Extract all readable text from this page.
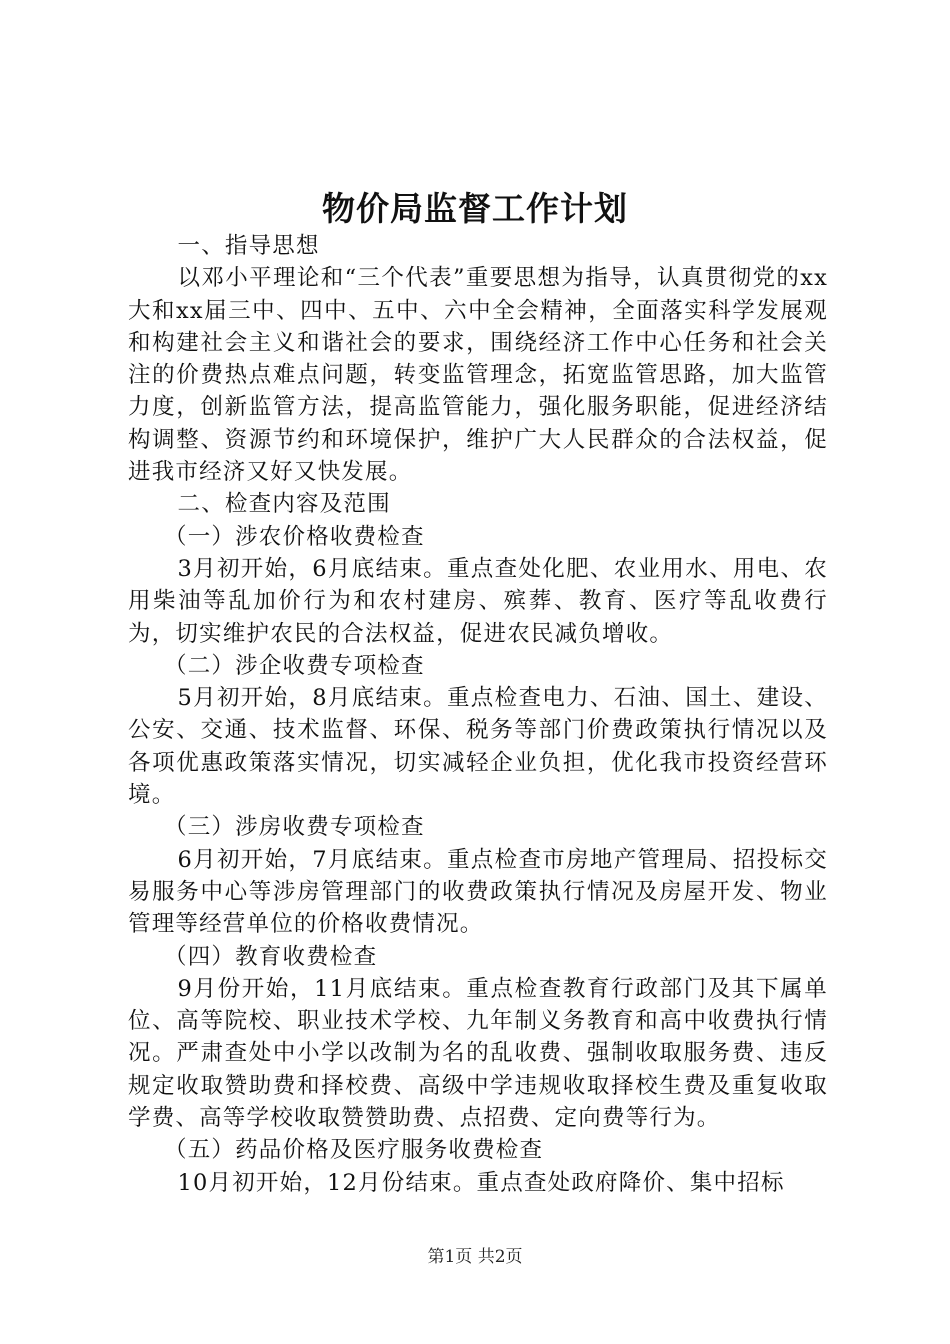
物价局监督工作计划

一、指导思想

以邓小平理论和“三个代表”重要思想为指导，认真贯彻党的xx大和xx届三中、四中、五中、六中全会精神，全面落实科学发展观和构建社会主义和谐社会的要求，围绕经济工作中心任务和社会关注的价费热点难点问题，转变监管理念，拓宽监管思路，加大监管力度，创新监管方法，提高监管能力，强化服务职能，促进经济结构调整、资源节约和环境保护，维护广大人民群众的合法权益，促进我市经济又好又快发展。

二、检查内容及范围

（一）涉农价格收费检查

3月初开始，6月底结束。重点查处化肥、农业用水、用电、农用柴油等乱加价行为和农村建房、殡葬、教育、医疗等乱收费行为，切实维护农民的合法权益，促进农民减负增收。

（二）涉企收费专项检查

5月初开始，8月底结束。重点检查电力、石油、国土、建设、公安、交通、技术监督、环保、税务等部门价费政策执行情况以及各项优惠政策落实情况，切实减轻企业负担，优化我市投资经营环境。

（三）涉房收费专项检查

6月初开始，7月底结束。重点检查市房地产管理局、招投标交易服务中心等涉房管理部门的收费政策执行情况及房屋开发、物业管理等经营单位的价格收费情况。

（四）教育收费检查

9月份开始，11月底结束。重点检查教育行政部门及其下属单位、高等院校、职业技术学校、九年制义务教育和高中收费执行情况。严肃查处中小学以改制为名的乱收费、强制收取服务费、违反规定收取赞助费和择校费、高级中学违规收取择校生费及重复收取学费、高等学校收取赞赞助费、点招费、定向费等行为。

（五）药品价格及医疗服务收费检查

10月初开始，12月份结束。重点查处政府降价、集中招标

第1页 共2页
